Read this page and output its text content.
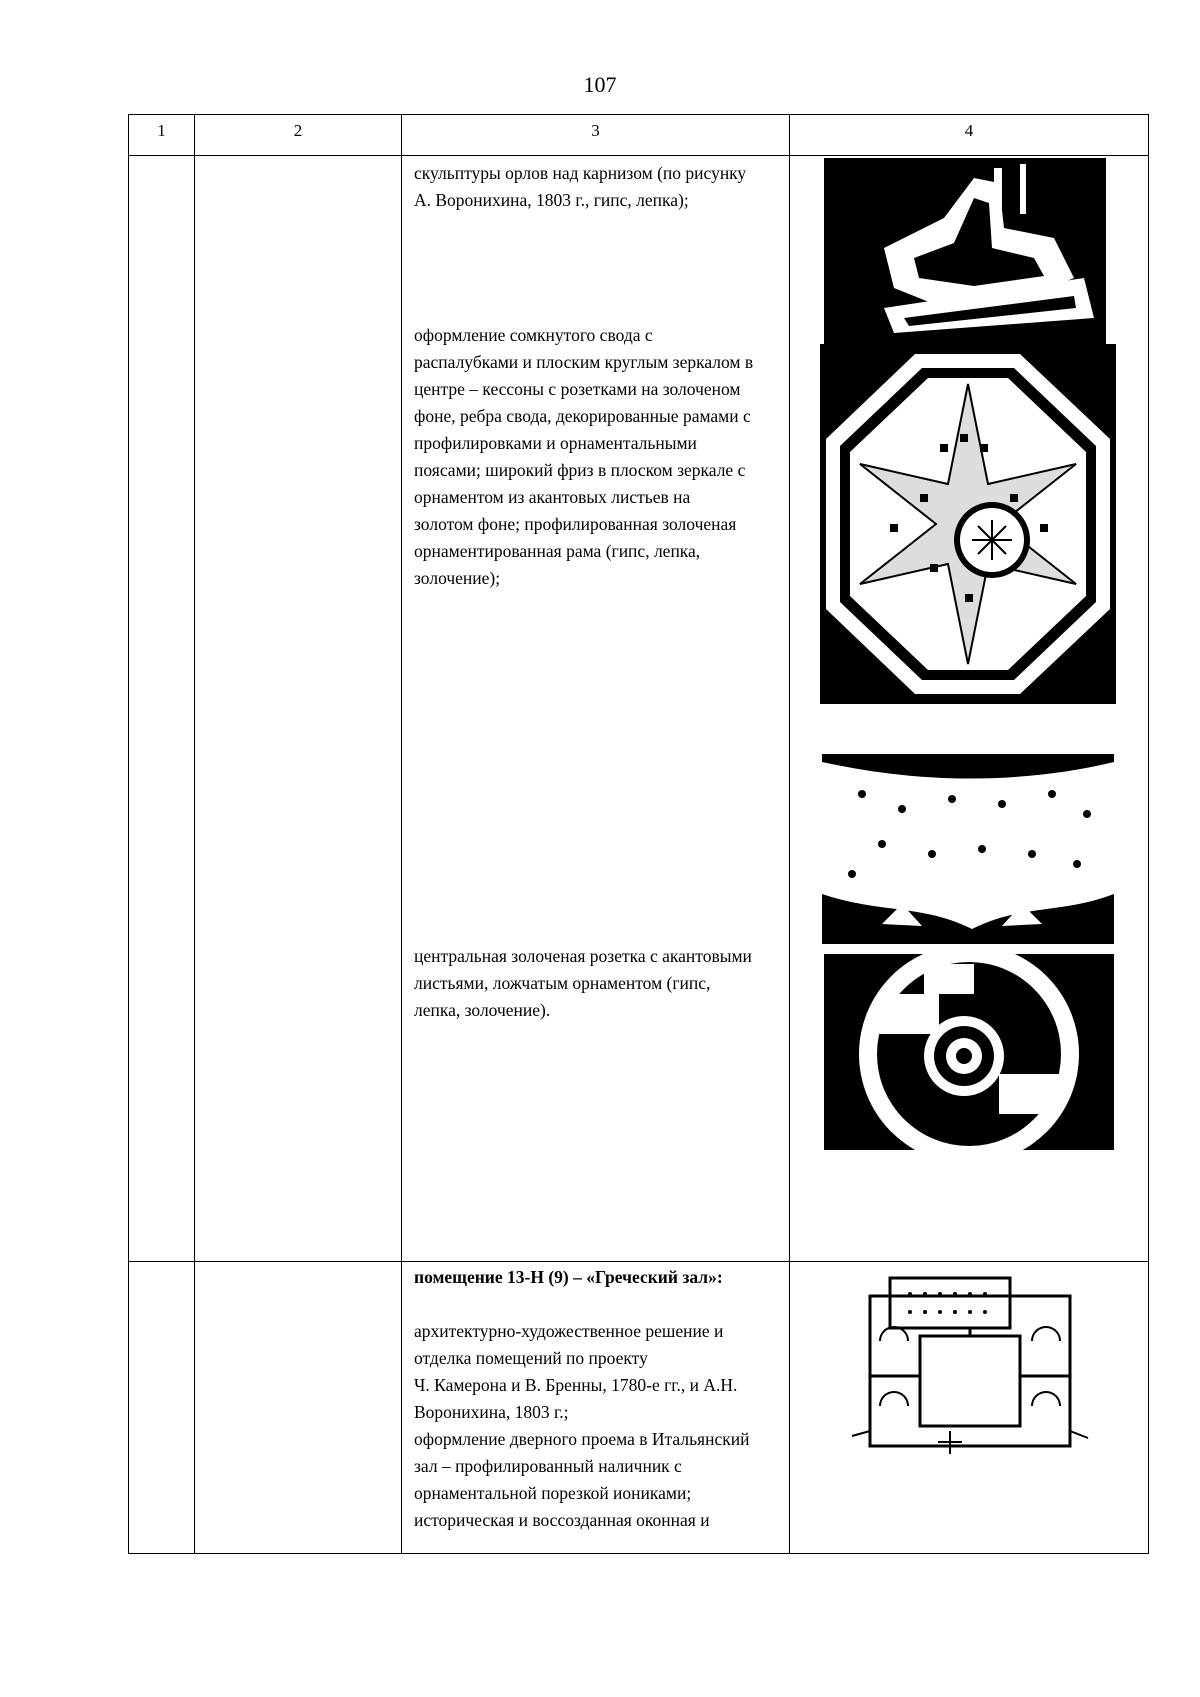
107
1	2	3	4

		скульптуры орлов над карнизом (по рисунку А. Воронихина, 1803 г., гипс, лепка);

оформление сомкнутого свода с распалубками и плоским круглым зеркалом в центре – кессоны с розетками на золоченом фоне, ребра свода, декорированные рамами с профилировками и орнаментальными поясами; широкий фриз в плоском зеркале с орнаментом из акантовых листьев на золотом фоне; профилированная золоченая орнаментированная рама (гипс, лепка, золочение);

центральная золоченая розетка с акантовыми листьями, ложчатым орнаментом (гипс, лепка, золочение).

		помещение 13-Н (9) – «Греческий зал»:

архитектурно-художественное решение и отделка помещений по проекту

Ч. Камерона и В. Бренны, 1780-е гг., и А.Н. Воронихина, 1803 г.;

оформление дверного проема в Итальянский зал – профилированный наличник с орнаментальной порезкой иониками;

историческая и воссозданная оконная и
